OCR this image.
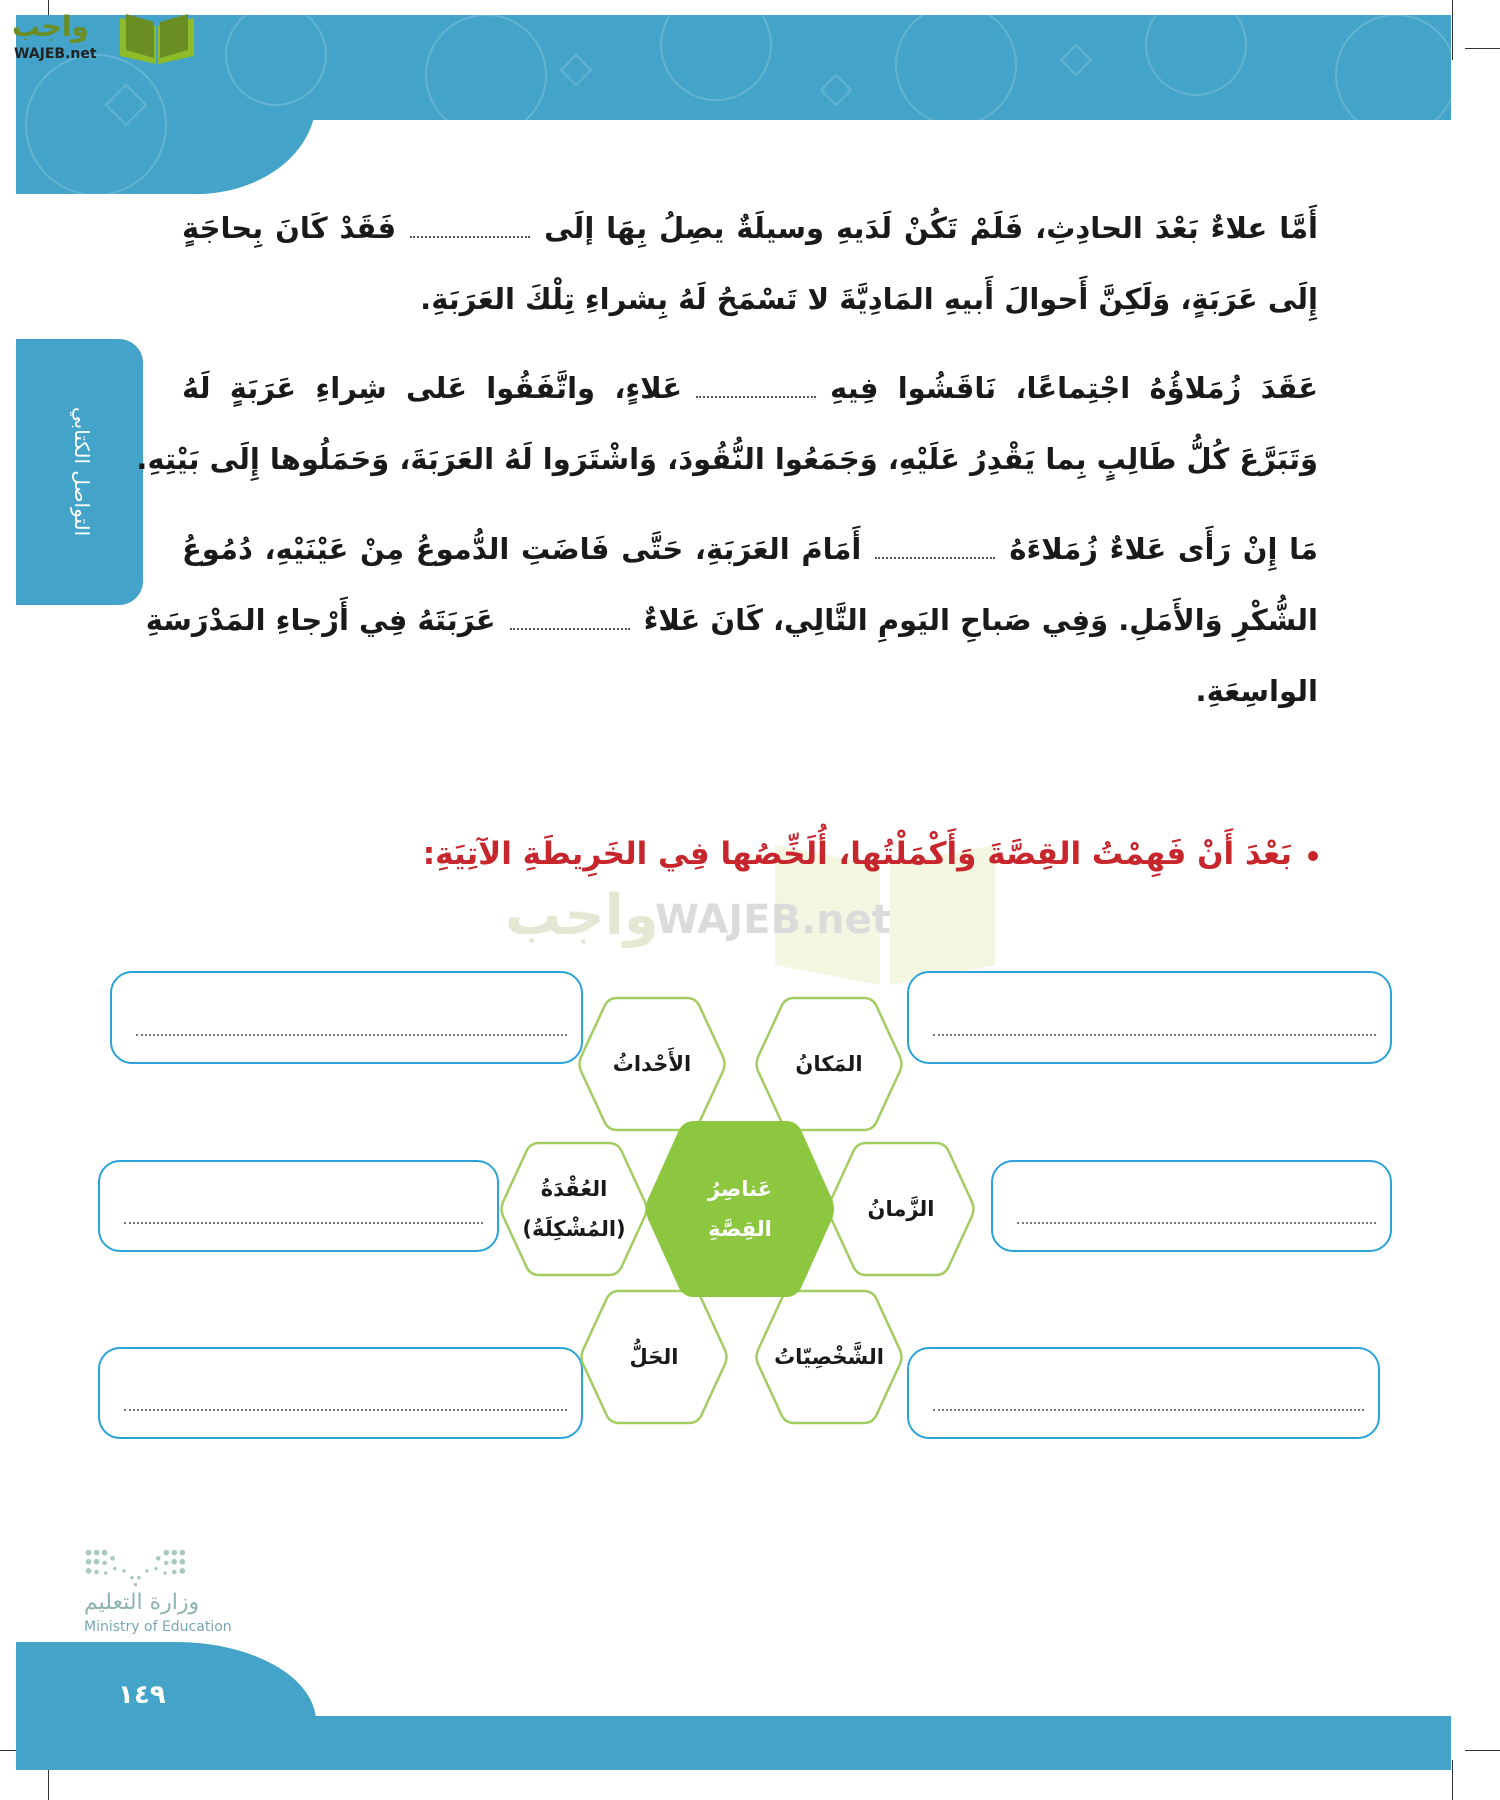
واجب
WAJEB.net
التواصل الكتابي
أَمَّا علاءٌ بَعْدَ الحادِثِ، فَلَمْ تَكُنْ لَدَيهِ وسيلَةٌ يصِلُ بِهَا إلَىفَقَدْ كَانَ بِحاجَةٍ
إِلَى عَرَبَةٍ، وَلَكِنَّ أَحوالَ أَبيهِ المَادِيَّةَ لا تَسْمَحُ لَهُ بِشراءِ تِلْكَ العَرَبَةِ.
عَقَدَ زُمَلاؤُهُ اجْتِماعًا، نَاقَشُوا فِيهِعَلاءٍ، واتَّفَقُوا عَلى شِراءِ عَرَبَةٍ لَهُ
وَتَبَرَّعَ كُلُّ طَالِبٍ بِما يَقْدِرُ عَلَيْهِ، وَجَمَعُوا النُّقُودَ، وَاشْتَرَوا لَهُ العَرَبَةَ، وَحَمَلُوها إِلَى بَيْتِهِ.
مَا إِنْ رَأَى عَلاءٌ زُمَلاءَهُأَمَامَ العَرَبَةِ، حَتَّى فَاضَتِ الدُّموعُ مِنْ عَيْنَيْهِ، دُمُوعُ
الشُّكْرِ وَالأَمَلِ. وَفِي صَباحِ اليَومِ التَّالِي، كَانَ عَلاءٌعَرَبَتَهُ فِي أَرْجاءِ المَدْرَسَةِ
الواسِعَةِ.
واجب
WAJEB.net
بَعْدَ أَنْ فَهِمْتُ القِصَّةَ وَأَكْمَلْتُها، أُلَخِّصُها فِي الخَرِيطَةِ الآتِيَةِ:
الأَحْداثُ	المَكانُ
العُقْدَةُ
(المُشْكِلَةُ)
الزَّمانُ
الحَلُّ	الشَّخْصِيّاتُ
عَناصِرُ
القِصَّةِ
وزارة التعليم
Ministry of Education
١٤٩
